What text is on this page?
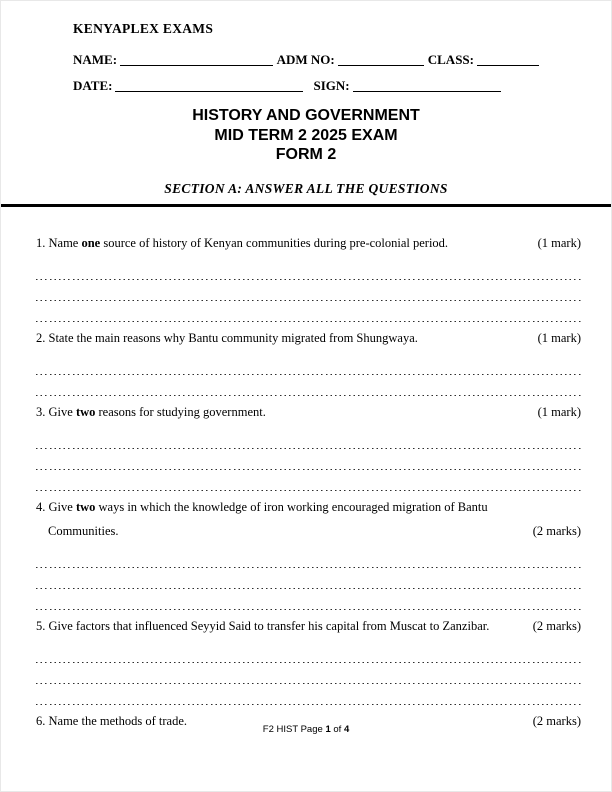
KENYAPLEX EXAMS
NAME:	ADM NO:	CLASS:
DATE:	SIGN:
HISTORY AND GOVERNMENT
MID TERM 2 2025 EXAM
FORM 2
SECTION A: ANSWER ALL THE QUESTIONS
1. Name one source of history of Kenyan communities during pre-colonial period.	(1 mark)
2. State the main reasons why Bantu community migrated from Shungwaya.	(1 mark)
3. Give two reasons for studying government.	(1 mark)
4. Give two ways in which the knowledge of iron working encouraged migration of Bantu
Communities.	(2 marks)
5. Give factors that influenced Seyyid Said to transfer his capital from Muscat to Zanzibar.	(2 marks)
6. Name the methods of trade.	(2 marks)
F2 HIST Page 1 of 4
